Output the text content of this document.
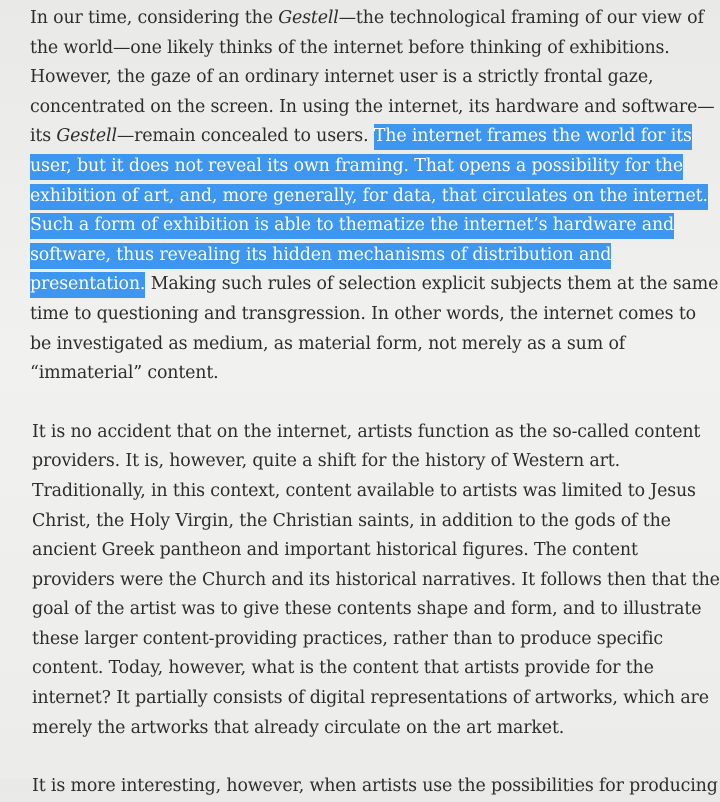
In our time, considering the Gestell—the technological framing of our view of the world—one likely thinks of the internet before thinking of exhibitions. However, the gaze of an ordinary internet user is a strictly frontal gaze, concentrated on the screen. In using the internet, its hardware and software—its Gestell—remain concealed to users. The internet frames the world for its user, but it does not reveal its own framing. That opens a possibility for the exhibition of art, and, more generally, for data, that circulates on the internet. Such a form of exhibition is able to thematize the internet’s hardware and software, thus revealing its hidden mechanisms of distribution and presentation. Making such rules of selection explicit subjects them at the same time to questioning and transgression. In other words, the internet comes to be investigated as medium, as material form, not merely as a sum of “immaterial” content.

It is no accident that on the internet, artists function as the so-called content providers. It is, however, quite a shift for the history of Western art. Traditionally, in this context, content available to artists was limited to Jesus Christ, the Holy Virgin, the Christian saints, in addition to the gods of the ancient Greek pantheon and important historical figures. The content providers were the Church and its historical narratives. It follows then that the goal of the artist was to give these contents shape and form, and to illustrate these larger content-providing practices, rather than to produce specific content. Today, however, what is the content that artists provide for the internet? It partially consists of digital representations of artworks, which are merely the artworks that already circulate on the art market.

It is more interesting, however, when artists use the possibilities for producing
